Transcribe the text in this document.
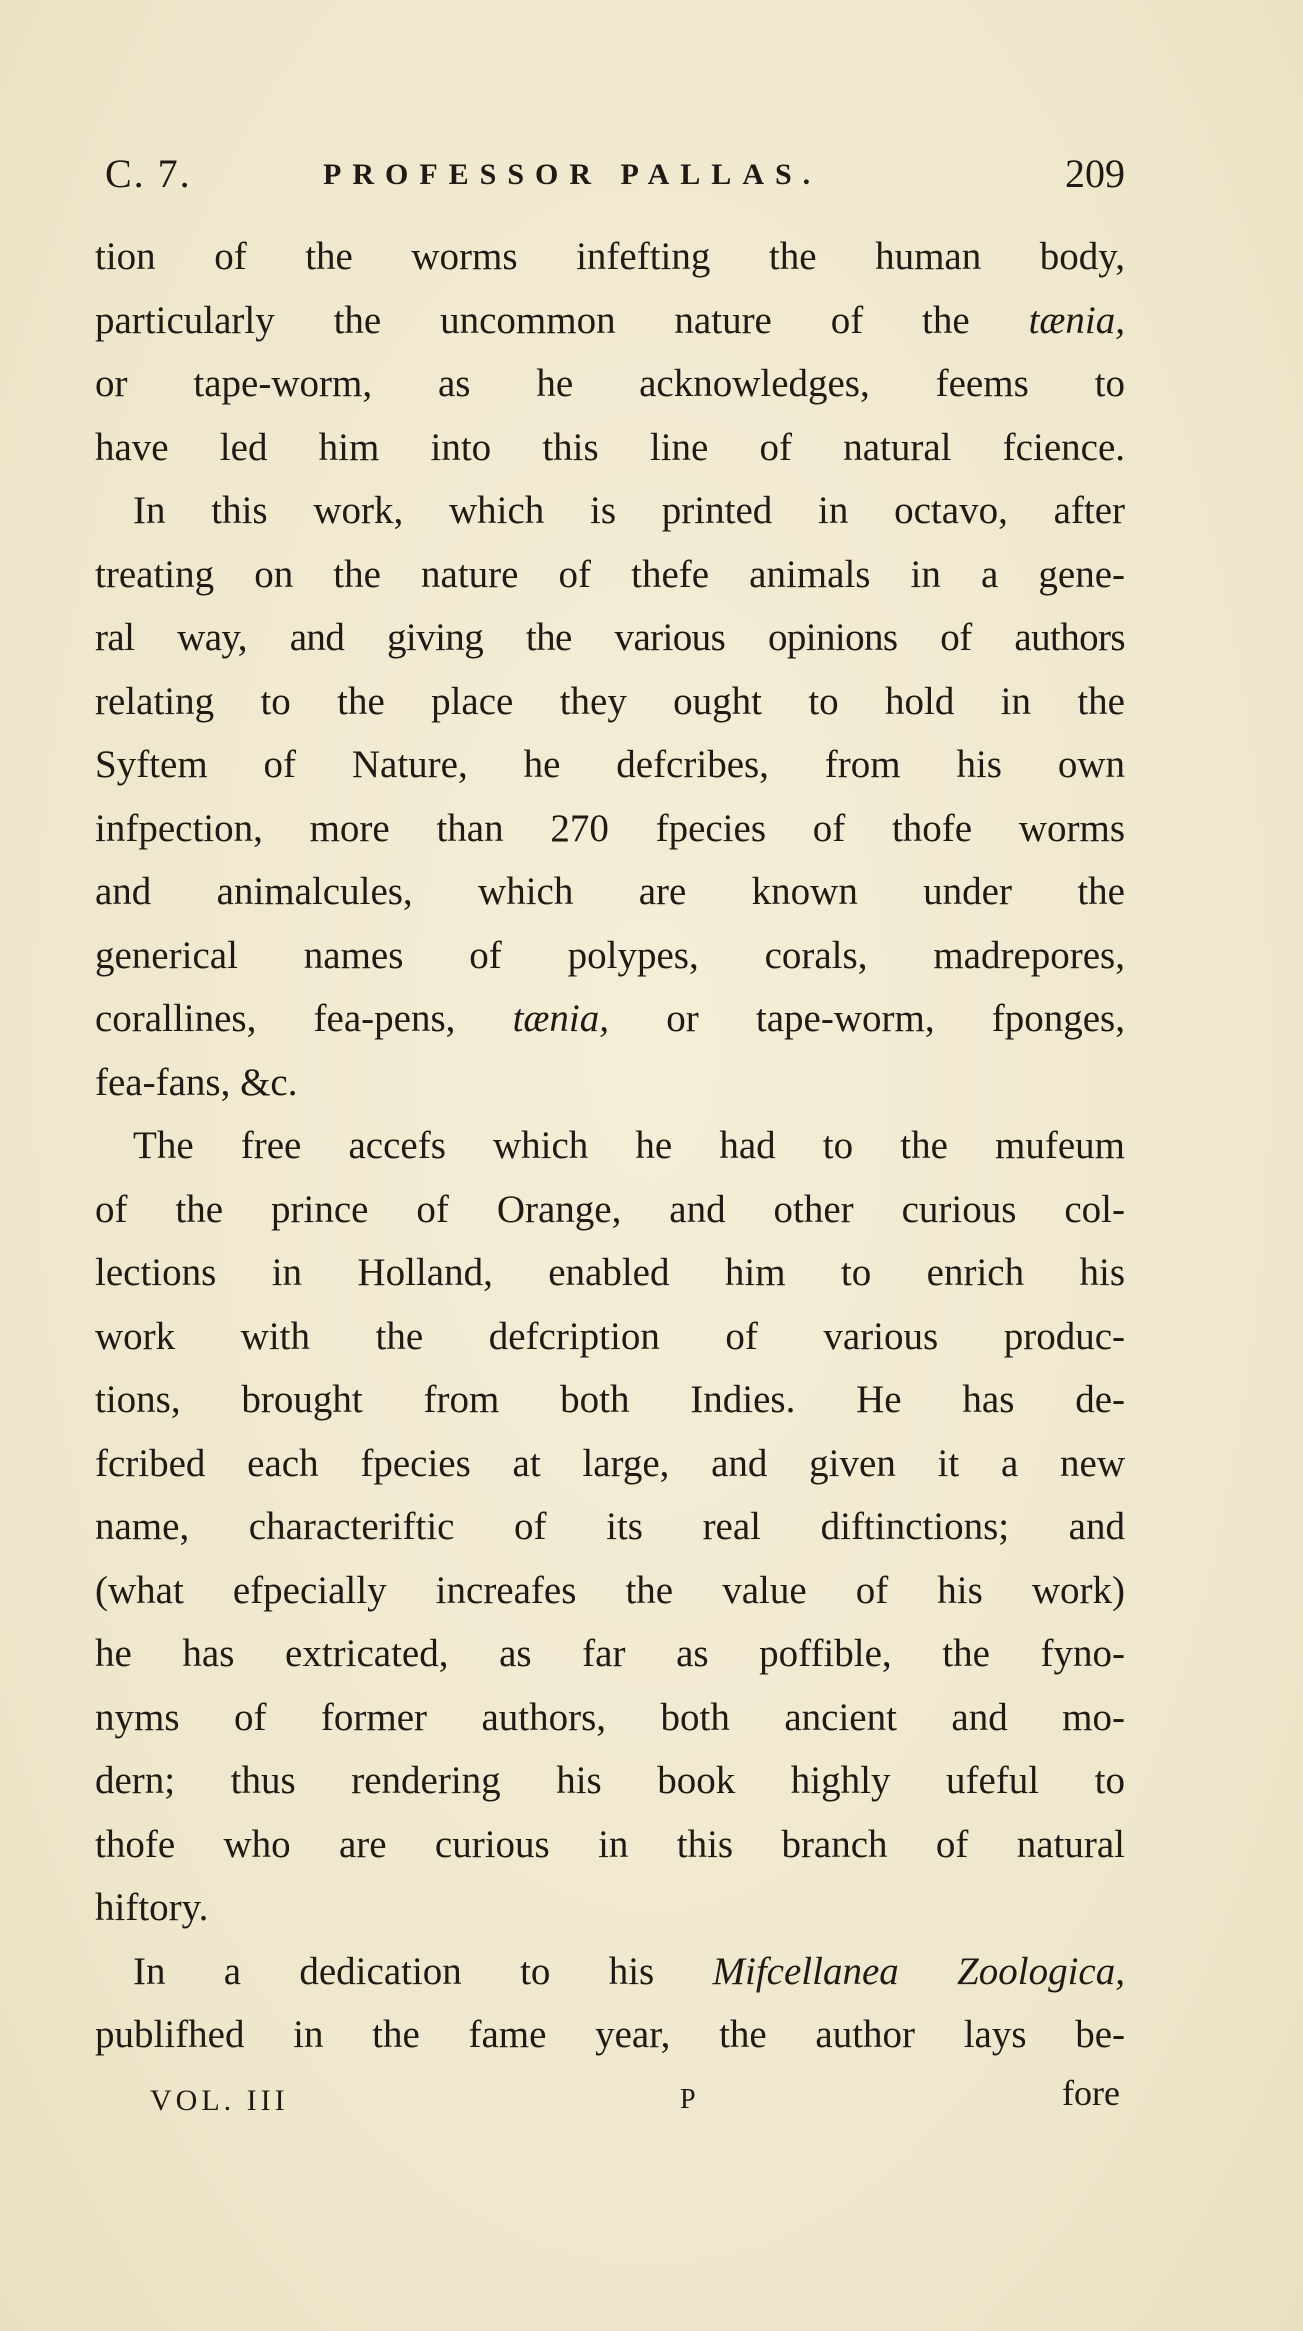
C. 7.	PROFESSOR PALLAS.	209
tion of the worms infefting the human body,
particularly the uncommon nature of the tænia,
or tape-worm, as he acknowledges, feems to
have led him into this line of natural fcience.
In this work, which is printed in octavo, after
treating on the nature of thefe animals in a gene-
ral way, and giving the various opinions of authors
relating to the place they ought to hold in the
Syftem of Nature, he defcribes, from his own
infpection, more than 270 fpecies of thofe worms
and animalcules, which are known under the
generical names of polypes, corals, madrepores,
corallines, fea-pens, tænia, or tape-worm, fponges,
fea-fans, &c.
The free accefs which he had to the mufeum
of the prince of Orange, and other curious col-
lections in Holland, enabled him to enrich his
work with the defcription of various produc-
tions, brought from both Indies. He has de-
fcribed each fpecies at large, and given it a new
name, characteriftic of its real diftinctions; and
(what efpecially increafes the value of his work)
he has extricated, as far as poffible, the fyno-
nyms of former authors, both ancient and mo-
dern; thus rendering his book highly ufeful to
thofe who are curious in this branch of natural
hiftory.
In a dedication to his Mifcellanea Zoologica,
publifhed in the fame year, the author lays be-
VOL. III	P	fore
